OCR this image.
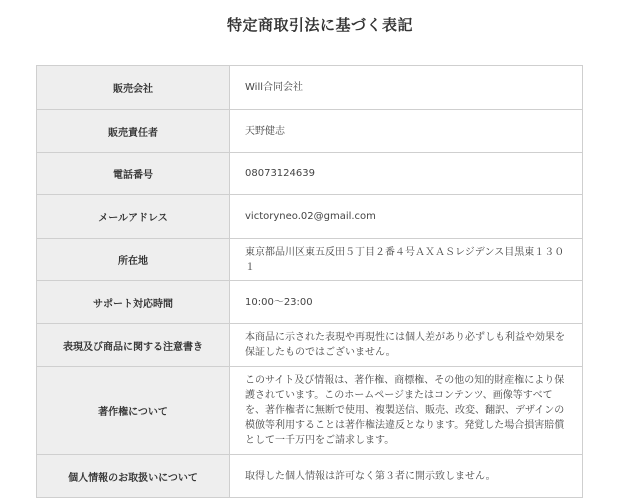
特定商取引法に基づく表記
販売会社	Will合同会社
販売責任者	天野健志
電話番号	08073124639
メールアドレス	victoryneo.02@gmail.com
所在地	東京都品川区東五反田５丁目２番４号ＡＸＡＳレジデンス目黒東１３０１
サポート対応時間	10:00〜23:00
表現及び商品に関する注意書き	本商品に示された表現や再現性には個人差があり必ずしも利益や効果を保証したものではございません。
著作権について	このサイト及び情報は、著作権、商標権、その他の知的財産権により保護されています。このホームページまたはコンテンツ、画像等すべてを、著作権者に無断で使用、複製送信、販売、改変、翻訳、デザインの模倣等利用することは著作権法違反となります。発覚した場合損害賠償として一千万円をご請求します。
個人情報のお取扱いについて	取得した個人情報は許可なく第３者に開示致しません。
